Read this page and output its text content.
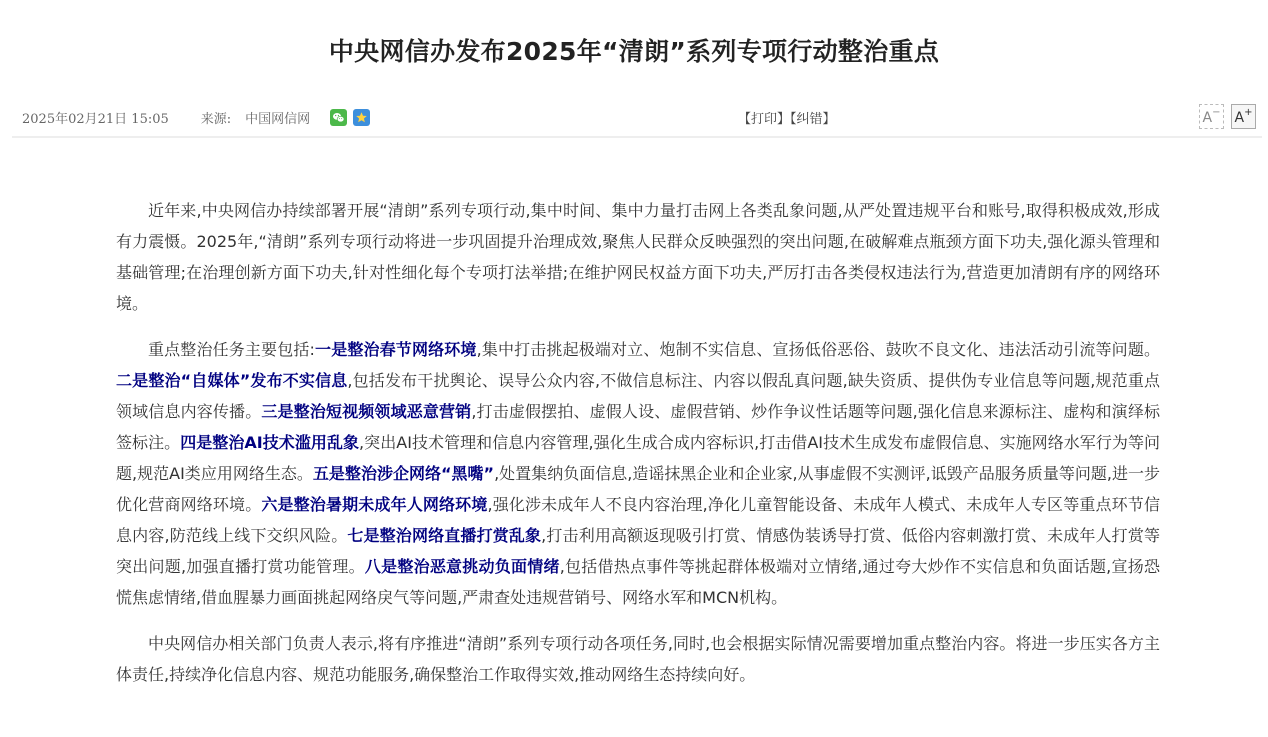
中央网信办发布2025年“清朗”系列专项行动整治重点
2025年02月21日 15:05 来源: 中国网信网	【打印】【纠错】	A− A+

近年来,中央网信办持续部署开展“清朗”系列专项行动,集中时间、集中力量打击网上各类乱象问题,从严处置违规平台和账号,取得积极成效,形成有力震慑。2025年,“清朗”系列专项行动将进一步巩固提升治理成效,聚焦人民群众反映强烈的突出问题,在破解难点瓶颈方面下功夫,强化源头管理和基础管理;在治理创新方面下功夫,针对性细化每个专项打法举措;在维护网民权益方面下功夫,严厉打击各类侵权违法行为,营造更加清朗有序的网络环境。

重点整治任务主要包括:一是整治春节网络环境,集中打击挑起极端对立、炮制不实信息、宣扬低俗恶俗、鼓吹不良文化、违法活动引流等问题。二是整治“自媒体”发布不实信息,包括发布干扰舆论、误导公众内容,不做信息标注、内容以假乱真问题,缺失资质、提供伪专业信息等问题,规范重点领域信息内容传播。三是整治短视频领域恶意营销,打击虚假摆拍、虚假人设、虚假营销、炒作争议性话题等问题,强化信息来源标注、虚构和演绎标签标注。四是整治AI技术滥用乱象,突出AI技术管理和信息内容管理,强化生成合成内容标识,打击借AI技术生成发布虚假信息、实施网络水军行为等问题,规范AI类应用网络生态。五是整治涉企网络“黑嘴”,处置集纳负面信息,造谣抹黑企业和企业家,从事虚假不实测评,诋毁产品服务质量等问题,进一步优化营商网络环境。六是整治暑期未成年人网络环境,强化涉未成年人不良内容治理,净化儿童智能设备、未成年人模式、未成年人专区等重点环节信息内容,防范线上线下交织风险。七是整治网络直播打赏乱象,打击利用高额返现吸引打赏、情感伪装诱导打赏、低俗内容刺激打赏、未成年人打赏等突出问题,加强直播打赏功能管理。八是整治恶意挑动负面情绪,包括借热点事件等挑起群体极端对立情绪,通过夸大炒作不实信息和负面话题,宣扬恐慌焦虑情绪,借血腥暴力画面挑起网络戾气等问题,严肃查处违规营销号、网络水军和MCN机构。

中央网信办相关部门负责人表示,将有序推进“清朗”系列专项行动各项任务,同时,也会根据实际情况需要增加重点整治内容。将进一步压实各方主体责任,持续净化信息内容、规范功能服务,确保整治工作取得实效,推动网络生态持续向好。
